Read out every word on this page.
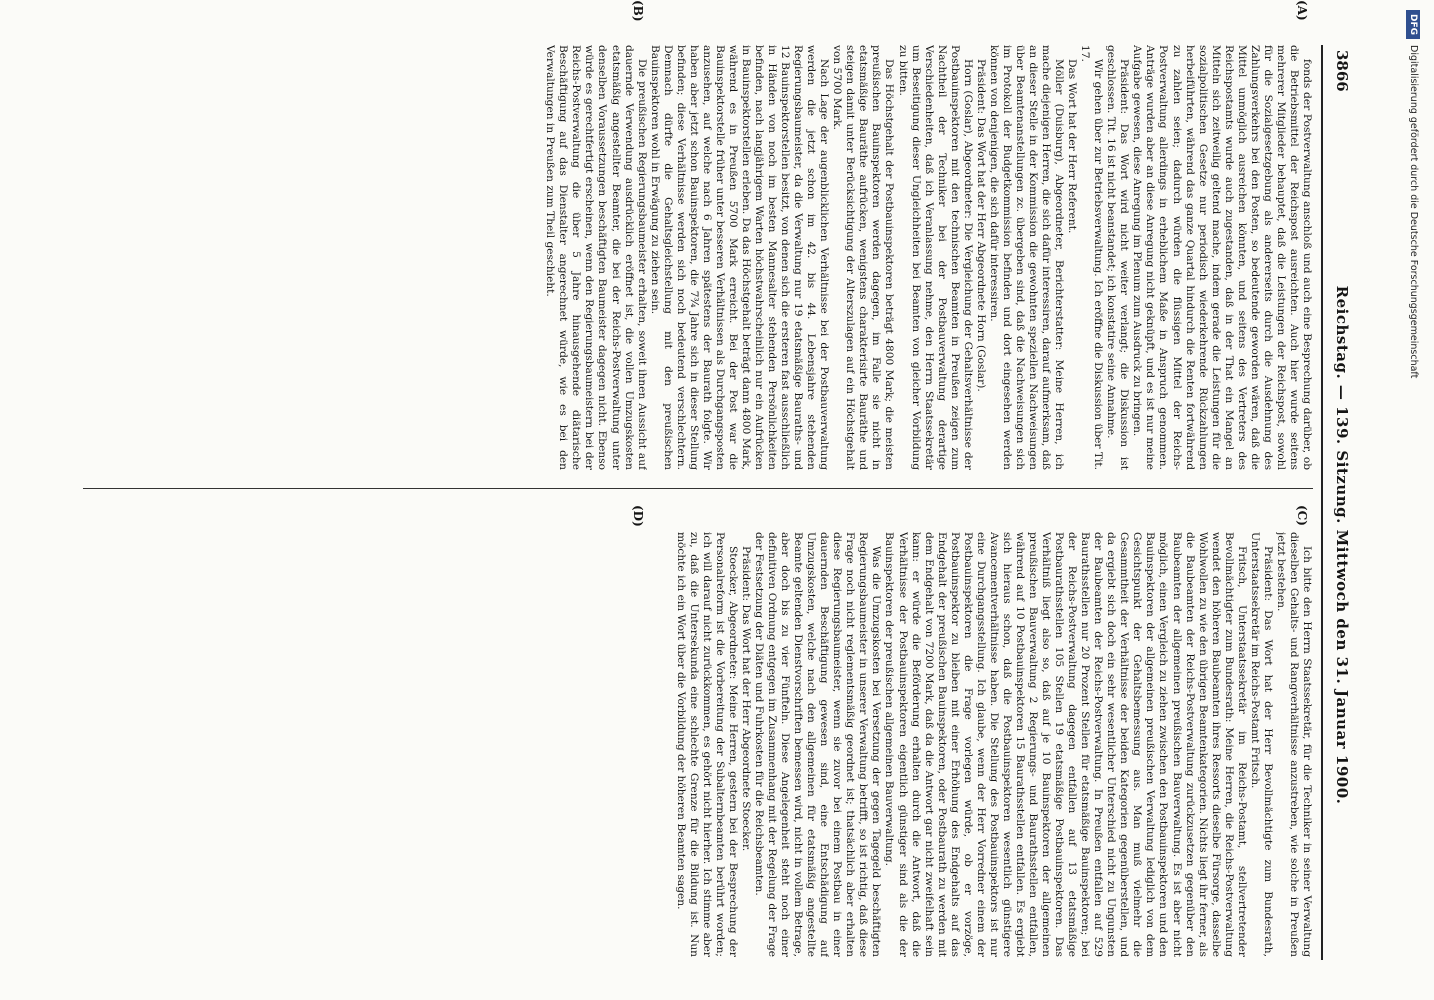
3866
Reichstag. — 139. Sitzung. Mittwoch den 31. Januar 1900.
(A)
(B)
(C)
(D)

fonds der Postverwaltung anschloß und auch eine Besprechung darüber, ob die Betriebsmittel der Reichspost ausreichten. Auch hier wurde seitens mehrerer Mitglieder behauptet, daß die Leistungen der Reichspost, sowohl für die Sozialgesetzgebung als andererseits durch die Ausdehnung des Zahlungsverkehrs bei den Posten, so bedeutende geworden wären, daß die Mittel unmöglich ausreichen könnten, und seitens des Vertreters des Reichspostamts wurde auch zugestanden, daß in der That ein Mangel an Mitteln sich zeitweilig geltend mache, indem gerade die Leistungen für die sozialpolitischen Gesetze nur periodisch wiederkehrende Rückzahlungen herbeiführten, während das ganze Quartal hindurch die Renten fortwährend zu zahlen seien; dadurch würden die flüssigen Mittel der Reichs-Postverwaltung allerdings in erheblichem Maße in Anspruch genommen. Anträge wurden aber an diese Anregung nicht geknüpft, und es ist nur meine Aufgabe gewesen, diese Anregung im Plenum zum Ausdruck zu bringen.

Präsident: Das Wort wird nicht weiter verlangt; die Diskussion ist geschlossen. Tit. 16 ist nicht beanstandet; ich konstatire seine Annahme.

Wir gehen über zur Betriebsverwaltung. Ich eröffne die Diskussion über Tit. 17.

Das Wort hat der Herr Referent.

Möller (Duisburg), Abgeordneter, Berichterstatter: Meine Herren, ich mache diejenigen Herren, die sich dafür interessiren, darauf aufmerksam, daß an dieser Stelle in der Kommission die gewohnten speziellen Nachweisungen über Beamtenanstellungen zc. übergeben sind, daß die Nachweisungen sich im Protokoll der Budgetkommission befinden und dort eingesehen werden können von denjenigen, die sich dafür interessiren.

Präsident: Das Wort hat der Herr Abgeordnete Horn (Goslar).

Horn (Goslar), Abgeordneter: Die Vergleichung der Gehaltsverhältnisse der Postbauinspektoren mit den technischen Beamten in Preußen zeigen zum Nachtheil der Techniker bei der Postbauverwaltung derartige Verschiedenheiten, daß ich Veranlassung nehme, den Herrn Staatssekretär um Beseitigung dieser Ungleichheiten bei Beamten von gleicher Vorbildung zu bitten.

Das Höchstgehalt der Postbauinspektoren beträgt 4800 Mark; die meisten preußischen Bauinspektoren werden dagegen, im Falle sie nicht in etatsmäßige Bauräthe aufrücken, wenigstens charakterisirte Bauräthe und steigen damit unter Berücksichtigung der Alterszulagen auf ein Höchstgehalt von 5700 Mark.

Nach Lage der augenblicklichen Verhältnisse bei der Postbauverwaltung werden die jetzt schon im 42. bis 44. Lebensjahre stehenden Regierungsbaumeister, da die Verwaltung nur 19 etatsmäßige Bauraths- und 12 Bauinspektorstellen besitzt, von denen sich die ersteren fast ausschließlich in Händen von noch im besten Mannesalter stehenden Persönlichkeiten befinden, nach langjährigem Warten höchstwahrscheinlich nur ein Aufrücken in Bauinspektorstellen erleben. Da das Höchstgehalt beträgt dann 4800 Mark, während es in Preußen 5700 Mark erreicht. Bei der Post war die Bauinspektorstelle früher unter besseren Verhältnissen als Durchgangsposten anzusehen, auf welche nach 6 Jahren spätestens der Baurath folgte. Wir haben aber jetzt schon Bauinspektoren, die 7¾ Jahre sich in dieser Stellung befinden; diese Verhältnisse werden sich noch bedeutend verschlechtern. Demnach dürfte die Gehaltsgleichstellung mit den preußischen Bauinspektoren wohl in Erwägung zu ziehen sein.

Die preußischen Regierungsbaumeister erhalten, soweit ihnen Aussicht auf dauernde Verwendung ausdrücklich eröffnet ist, die vollen Umzugskosten etatsmäßig angestellter Beamter, die bei der Reichs-Postverwaltung unter denselben Voraussetzungen beschäftigten Baumeister dagegen nicht. Ebenso würde es gerechtfertigt erscheinen, wenn den Regierungsbaumeistern bei der Reichs-Postverwaltung die über 5 Jahre hinausgehende diätarische Beschäftigung auf das Dienstalter angerechnet würde, wie es bei den Verwaltungen in Preußen zum Theil geschieht.

Ich bitte den Herrn Staatssekretär, für die Techniker in seiner Verwaltung dieselben Gehalts- und Rangverhältnisse anzustreben, wie solche in Preußen jetzt bestehen.

Präsident: Das Wort hat der Herr Bevollmächtigte zum Bundesrath, Unterstaatssekretär im Reichs-Postamt Fritsch.

Fritsch, Unterstaatssekretär im Reichs-Postamt, stellvertretender Bevollmächtigter zum Bundesrath: Meine Herren, die Reichs-Postverwaltung wendet den höheren Baubeamten ihres Ressorts dieselbe Fürsorge, dasselbe Wohlwollen zu wie den übrigen Beamtenkategorien. Nichts liegt ihr ferner, als die Baubeamten der Reichs-Postverwaltung zurückzusetzen gegenüber den Baubeamten der allgemeinen preußischen Bauverwaltung. Es ist aber nicht möglich, einen Vergleich zu ziehen zwischen den Postbauinspektoren und den Bauinspektoren der allgemeinen preußischen Verwaltung lediglich von dem Gesichtspunkt der Gehaltsbemessung aus. Man muß vielmehr die Gesammtheit der Verhältnisse der beiden Kategorien gegenüberstellen, und da ergiebt sich doch ein sehr wesentlicher Unterschied nicht zu Ungunsten der Baubeamten der Reichs-Postverwaltung. In Preußen entfallen auf 529 Baurathsstellen nur 20 Prozent Stellen für etatsmäßige Bauinspektoren; bei der Reichs-Postverwaltung dagegen entfallen auf 13 etatsmäßige Postbaurathsstellen 105 Stellen 19 etatsmäßige Postbauinspektoren. Das Verhältniß liegt also so, daß auf je 10 Bauinspektoren der allgemeinen preußischen Bauverwaltung 2 Regierungs- und Baurathsstellen entfallen, während auf 10 Postbauinspektoren 15 Baurathsstellen entfallen. Es ergiebt sich hieraus schon, daß die Postbauinspektoren wesentlich günstigere Avancementverhältnisse haben. Die Stellung des Postbauinspektors ist nur eine Durchgangsstellung. Ich glaube, wenn der Herr Vorredner einem der Postbauinspektoren die Frage vorlegen würde, ob er vorzöge, Postbauinspektor zu bleiben mit einer Erhöhung des Endgehalts auf das Endgehalt der preußischen Bauinspektoren, oder Postbaurath zu werden mit dem Endgehalt von 7200 Mark, daß da die Antwort gar nicht zweifelhaft sein kann: er würde die Beförderung erhalten durch die Antwort, daß die Verhältnisse der Postbauinspektoren eigentlich günstiger sind als die der Bauinspektoren der preußischen allgemeinen Bauverwaltung.

Was die Umzugskosten bei Versetzung der gegen Tagegeld beschäftigten Regierungsbaumeister in unserer Verwaltung betrifft, so ist richtig, daß diese Frage noch nicht reglementsmäßig geordnet ist; thatsächlich aber erhalten diese Regierungsbaumeister, wenn sie zuvor bei einem Postbau in einer dauernden Beschäftigung gewesen sind, eine Entschädigung auf Umzugskosten, welche nach den allgemeinen für etatsmäßig angestellte Beamte geltenden Dienstvorschriften bemessen wird, nicht in vollem Betrage, aber doch bis zu vier Fünfteln. Diese Angelegenheit steht noch einer definitiven Ordnung entgegen im Zusammenhang mit der Regelung der Frage der Festsetzung der Diäten und Fuhrkosten für die Reichsbeamten.

Präsident: Das Wort hat der Herr Abgeordnete Stoecker.

Stoecker, Abgeordneter: Meine Herren, gestern bei der Besprechung der Personalreform ist die Vorbereitung der Subalternbeamten berührt worden; ich will darauf nicht zurückkommen, es gehört nicht hierher. Ich stimme aber zu, daß die Untersekunda eine schlechte Grenze für die Bildung ist. Nun möchte ich ein Wort über die Vorbildung der höheren Beamten sagen.

DFGDigitalisierung gefördert durch die Deutsche Forschungsgemeinschaft
